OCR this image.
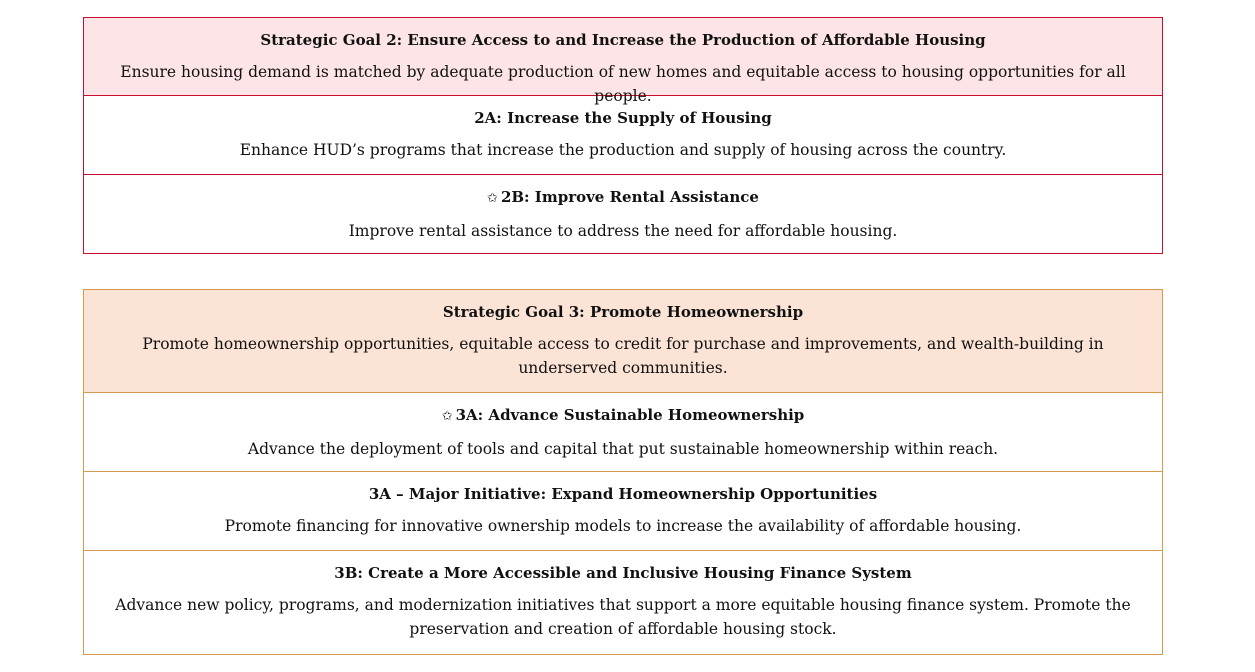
Strategic Goal 2: Ensure Access to and Increase the Production of Affordable Housing

Ensure housing demand is matched by adequate production of new homes and equitable access to housing opportunities for all people.

2A: Increase the Supply of Housing

Enhance HUD’s programs that increase the production and supply of housing across the country.

✩ 2B: Improve Rental Assistance

Improve rental assistance to address the need for affordable housing.

Strategic Goal 3: Promote Homeownership

Promote homeownership opportunities, equitable access to credit for purchase and improvements, and wealth-building in underserved communities.

✩ 3A: Advance Sustainable Homeownership

Advance the deployment of tools and capital that put sustainable homeownership within reach.

3A – Major Initiative: Expand Homeownership Opportunities

Promote financing for innovative ownership models to increase the availability of affordable housing.

3B: Create a More Accessible and Inclusive Housing Finance System

Advance new policy, programs, and modernization initiatives that support a more equitable housing finance system. Promote the preservation and creation of affordable housing stock.
